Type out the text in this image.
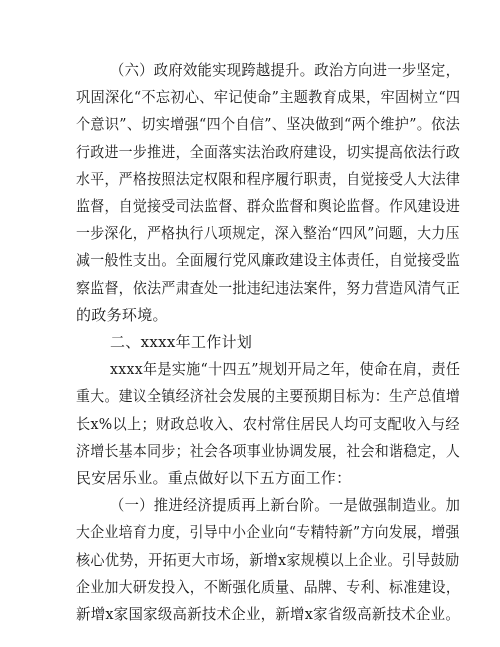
（六）政府效能实现跨越提升。政治方向进一步坚定，
巩固深化“不忘初心、牢记使命”主题教育成果，牢固树立“四
个意识”、切实增强“四个自信”、坚决做到“两个维护”。依法
行政进一步推进，全面落实法治政府建设，切实提高依法行政
水平，严格按照法定权限和程序履行职责，自觉接受人大法律
监督，自觉接受司法监督、群众监督和舆论监督。作风建设进
一步深化，严格执行八项规定，深入整治“四风”问题，大力压
减一般性支出。全面履行党风廉政建设主体责任，自觉接受监
察监督，依法严肃查处一批违纪违法案件，努力营造风清气正
的政务环境。
二、xxxx年工作计划
xxxx年是实施“十四五”规划开局之年，使命在肩，责任
重大。建议全镇经济社会发展的主要预期目标为：生产总值增
长x%以上；财政总收入、农村常住居民人均可支配收入与经
济增长基本同步；社会各项事业协调发展，社会和谐稳定，人
民安居乐业。重点做好以下五方面工作：
（一）推进经济提质再上新台阶。一是做强制造业。加
大企业培育力度，引导中小企业向“专精特新”方向发展，增强
核心优势，开拓更大市场，新增x家规模以上企业。引导鼓励
企业加大研发投入，不断强化质量、品牌、专利、标准建设，
新增x家国家级高新技术企业，新增x家省级高新技术企业。
